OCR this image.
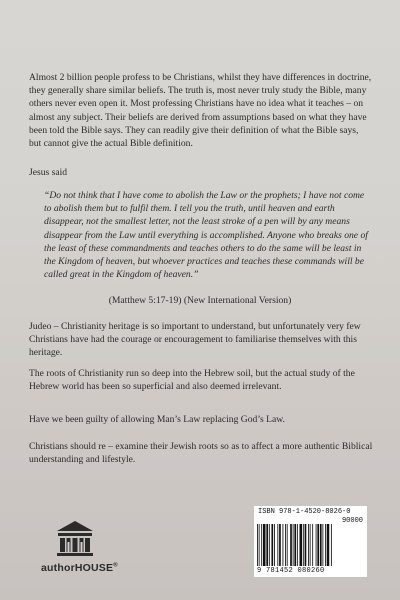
Almost 2 billion people profess to be Christians, whilst they have differences in doctrine, they generally share similar beliefs. The truth is, most never truly study the Bible, many others never even open it. Most professing Christians have no idea what it teaches – on almost any subject. Their beliefs are derived from assumptions based on what they have been told the Bible says. They can readily give their definition of what the Bible says, but cannot give the actual Bible definition.
Jesus said
“Do not think that I have come to abolish the Law or the prophets; I have not come to abolish them but to fulfil them. I tell you the truth, until heaven and earth disappear, not the smallest letter, not the least stroke of a pen will by any means disappear from the Law until everything is accomplished. Anyone who breaks one of the least of these commandments and teaches others to do the same will be least in the Kingdom of heaven, but whoever practices and teaches these commands will be called great in the Kingdom of heaven.”
(Matthew 5:17-19) (New International Version)
Judeo – Christianity heritage is so important to understand, but unfortunately very few Christians have had the courage or encouragement to familiarise themselves with this heritage.
The roots of Christianity run so deep into the Hebrew soil, but the actual study of the Hebrew world has been so superficial and also deemed irrelevant.
Have we been guilty of allowing Man’s Law replacing God’s Law.
Christians should re – examine their Jewish roots so as to affect a more authentic Biblical understanding and lifestyle.
authorHOUSE®
ISBN 978-1-4520-8026-0
90000
9 781452 080260
